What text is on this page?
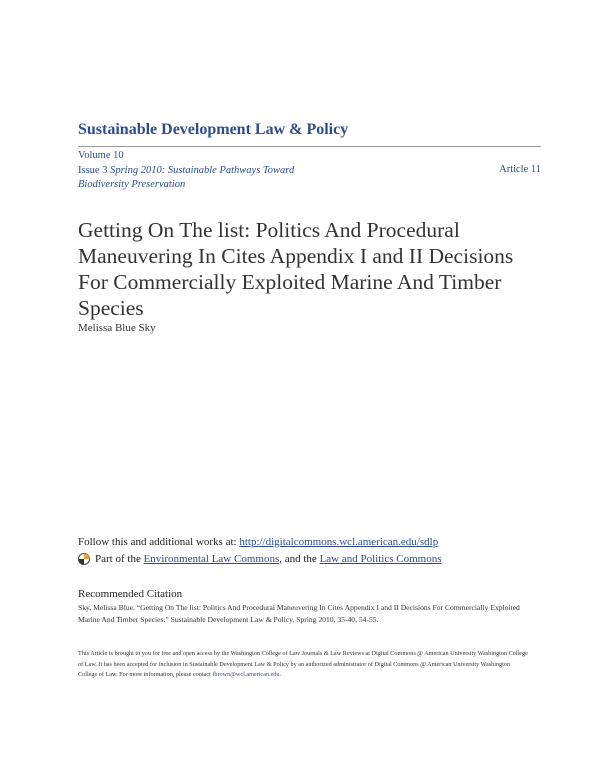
Sustainable Development Law & Policy
Volume 10
Issue 3 Spring 2010: Sustainable Pathways Toward Biodiversity Preservation
Article 11
Getting On The list: Politics And Procedural Maneuvering In Cites Appendix I and II Decisions For Commercially Exploited Marine And Timber Species
Melissa Blue Sky
Follow this and additional works at: http://digitalcommons.wcl.american.edu/sdlp
Part of the
Environmental Law Commons , and the
Law and Politics Commons
Recommended Citation
Sky, Melissa Blue. “Getting On The list: Politics And Procedural Maneuvering In Cites Appendix I and II Decisions For Commercially Exploited Marine And Timber Species.” Sustainable Development Law & Policy, Spring 2010, 35-40, 54-55.
This Article is brought to you for free and open access by the Washington College of Law Journals & Law Reviews at Digital Commons @ American University Washington College of Law. It has been accepted for inclusion in Sustainable Development Law & Policy by an authorized administrator of Digital Commons @ American University Washington College of Law. For more information, please contact fbrown@wcl.american.edu.
